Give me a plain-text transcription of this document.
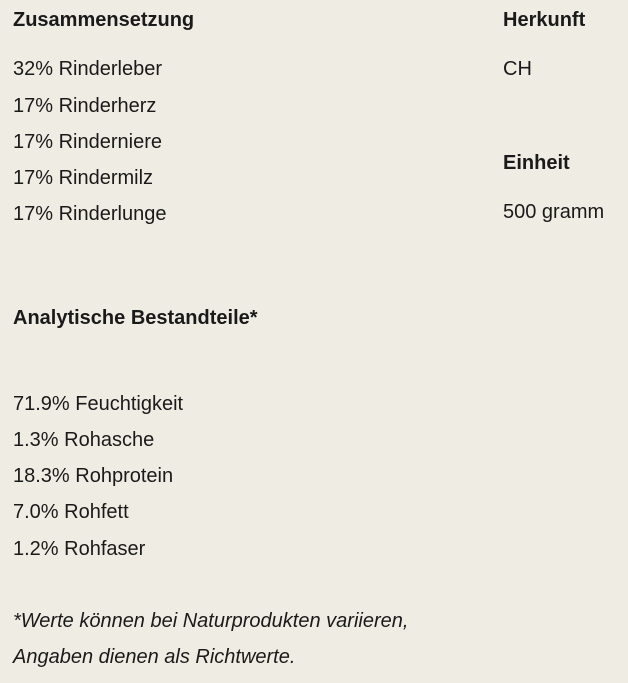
Zusammensetzung	Herkunft
32% Rinderleber
17% Rinderherz
17% Rinderniere
17% Rindermilz
17% Rinderlunge
CH
Einheit
500 gramm
Analytische Bestandteile*
71.9% Feuchtigkeit
1.3% Rohasche
18.3% Rohprotein
7.0% Rohfett
1.2% Rohfaser
*Werte können bei Naturprodukten variieren,
Angaben dienen als Richtwerte.
